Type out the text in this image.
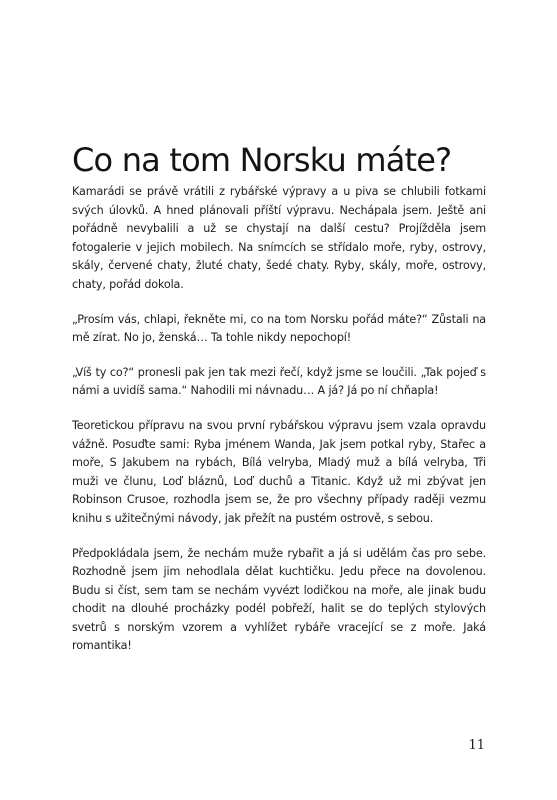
Co na tom Norsku máte?

Kamarádi se právě vrátili z rybářské výpravy a u piva se chlubili fotkami svých úlovků. A hned plánovali příští výpravu. Nechápala jsem. Ještě ani pořádně nevybalili a už se chystají na další cestu? Projížděla jsem fotogalerie v jejich mobilech. Na snímcích se střídalo moře, ryby, ostrovy, skály, červené chaty, žluté chaty, šedé chaty. Ryby, skály, moře, ostrovy, chaty, pořád dokola.

„Prosím vás, chlapi, řekněte mi, co na tom Norsku pořád máte?“ Zůstali na mě zírat. No jo, ženská… Ta tohle nikdy nepochopí!

„Víš ty co?“ pronesli pak jen tak mezi řečí, když jsme se loučili. „Tak pojeď s námi a uvidíš sama.“ Nahodili mi návnadu… A já? Já po ní chňapla!

Teoretickou přípravu na svou první rybářskou výpravu jsem vzala opravdu vážně. Posuďte sami: Ryba jménem Wanda, Jak jsem potkal ryby, Stařec a moře, S Jakubem na rybách, Bílá velryba, Mladý muž a bílá velryba, Tři muži ve člunu, Loď bláznů, Loď duchů a Titanic. Když už mi zbývat jen Robinson Crusoe, rozhodla jsem se, že pro všechny případy raději vezmu knihu s užitečnými návody, jak přežít na pustém ostrově, s sebou.

Předpokládala jsem, že nechám muže rybařit a já si udělám čas pro sebe. Rozhodně jsem jim nehodlala dělat kuchtičku. Jedu přece na dovolenou. Budu si číst, sem tam se nechám vyvézt lodičkou na moře, ale jinak budu chodit na dlouhé procházky podél pobřeží, halit se do teplých stylových svetrů s norským vzorem a vyhlížet rybáře vracející se z moře. Jaká romantika!

11
